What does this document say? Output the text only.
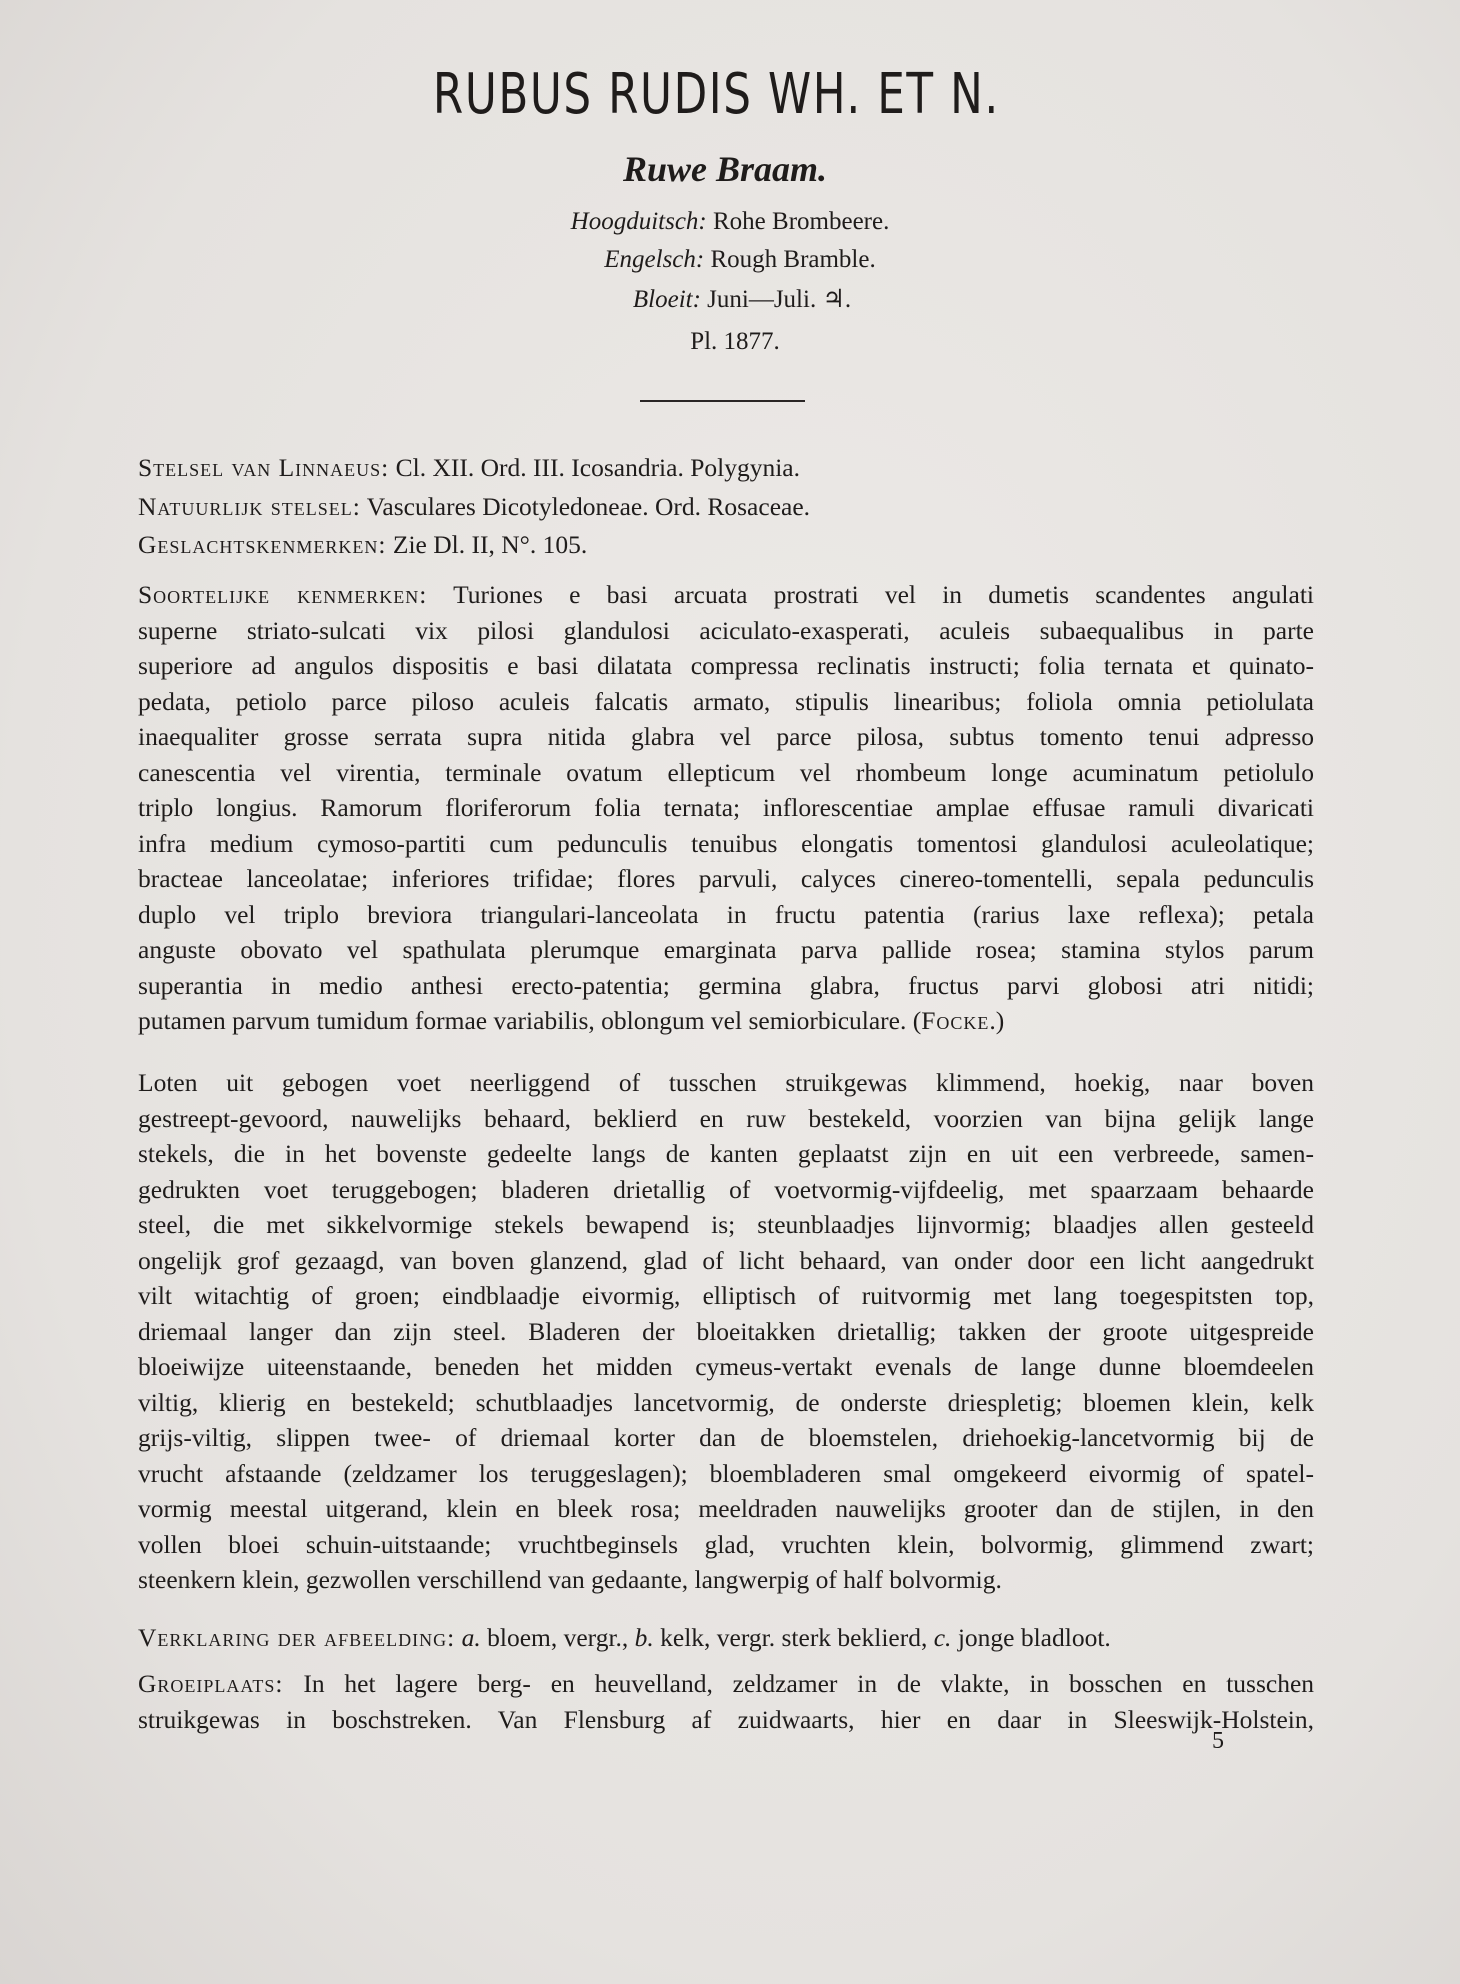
RUBUS RUDIS WH. ET N.
Ruwe Braam.
Hoogduitsch: Rohe Brombeere.
Engelsch: Rough Bramble.
Bloeit: Juni—Juli. ♃.
Pl. 1877.
Stelsel van Linnaeus: Cl. XII. Ord. III. Icosandria. Polygynia.
Natuurlijk stelsel: Vasculares Dicotyledoneae. Ord. Rosaceae.
Geslachtskenmerken: Zie Dl. II, N°. 105.
Soortelijke kenmerken: Turiones e basi arcuata prostrati vel in dumetis scandentes angulati
superne striato-sulcati vix pilosi glandulosi aciculato-exasperati, aculeis subaequalibus in parte
superiore ad angulos dispositis e basi dilatata compressa reclinatis instructi; folia ternata et quinato-
pedata, petiolo parce piloso aculeis falcatis armato, stipulis linearibus; foliola omnia petiolulata
inaequaliter grosse serrata supra nitida glabra vel parce pilosa, subtus tomento tenui adpresso
canescentia vel virentia, terminale ovatum ellepticum vel rhombeum longe acuminatum petiolulo
triplo longius. Ramorum floriferorum folia ternata; inflorescentiae amplae effusae ramuli divaricati
infra medium cymoso-partiti cum pedunculis tenuibus elongatis tomentosi glandulosi aculeolatique;
bracteae lanceolatae; inferiores trifidae; flores parvuli, calyces cinereo-tomentelli, sepala pedunculis
duplo vel triplo breviora triangulari-lanceolata in fructu patentia (rarius laxe reflexa); petala
anguste obovato vel spathulata plerumque emarginata parva pallide rosea; stamina stylos parum
superantia in medio anthesi erecto-patentia; germina glabra, fructus parvi globosi atri nitidi;
putamen parvum tumidum formae variabilis, oblongum vel semiorbiculare. (Focke.)
Loten uit gebogen voet neerliggend of tusschen struikgewas klimmend, hoekig, naar boven
gestreept-gevoord, nauwelijks behaard, beklierd en ruw bestekeld, voorzien van bijna gelijk lange
stekels, die in het bovenste gedeelte langs de kanten geplaatst zijn en uit een verbreede, samen-
gedrukten voet teruggebogen; bladeren drietallig of voetvormig-vijfdeelig, met spaarzaam behaarde
steel, die met sikkelvormige stekels bewapend is; steunblaadjes lijnvormig; blaadjes allen gesteeld
ongelijk grof gezaagd, van boven glanzend, glad of licht behaard, van onder door een licht aangedrukt
vilt witachtig of groen; eindblaadje eivormig, elliptisch of ruitvormig met lang toegespitsten top,
driemaal langer dan zijn steel. Bladeren der bloeitakken drietallig; takken der groote uitgespreide
bloeiwijze uiteenstaande, beneden het midden cymeus-vertakt evenals de lange dunne bloemdeelen
viltig, klierig en bestekeld; schutblaadjes lancetvormig, de onderste driespletig; bloemen klein, kelk
grijs-viltig, slippen twee- of driemaal korter dan de bloemstelen, driehoekig-lancetvormig bij de
vrucht afstaande (zeldzamer los teruggeslagen); bloembladeren smal omgekeerd eivormig of spatel-
vormig meestal uitgerand, klein en bleek rosa; meeldraden nauwelijks grooter dan de stijlen, in den
vollen bloei schuin-uitstaande; vruchtbeginsels glad, vruchten klein, bolvormig, glimmend zwart;
steenkern klein, gezwollen verschillend van gedaante, langwerpig of half bolvormig.
Verklaring der afbeelding: a. bloem, vergr., b. kelk, vergr. sterk beklierd, c. jonge bladloot.
Groeiplaats: In het lagere berg- en heuvelland, zeldzamer in de vlakte, in bosschen en tusschen
struikgewas in boschstreken. Van Flensburg af zuidwaarts, hier en daar in Sleeswijk-Holstein,
5
